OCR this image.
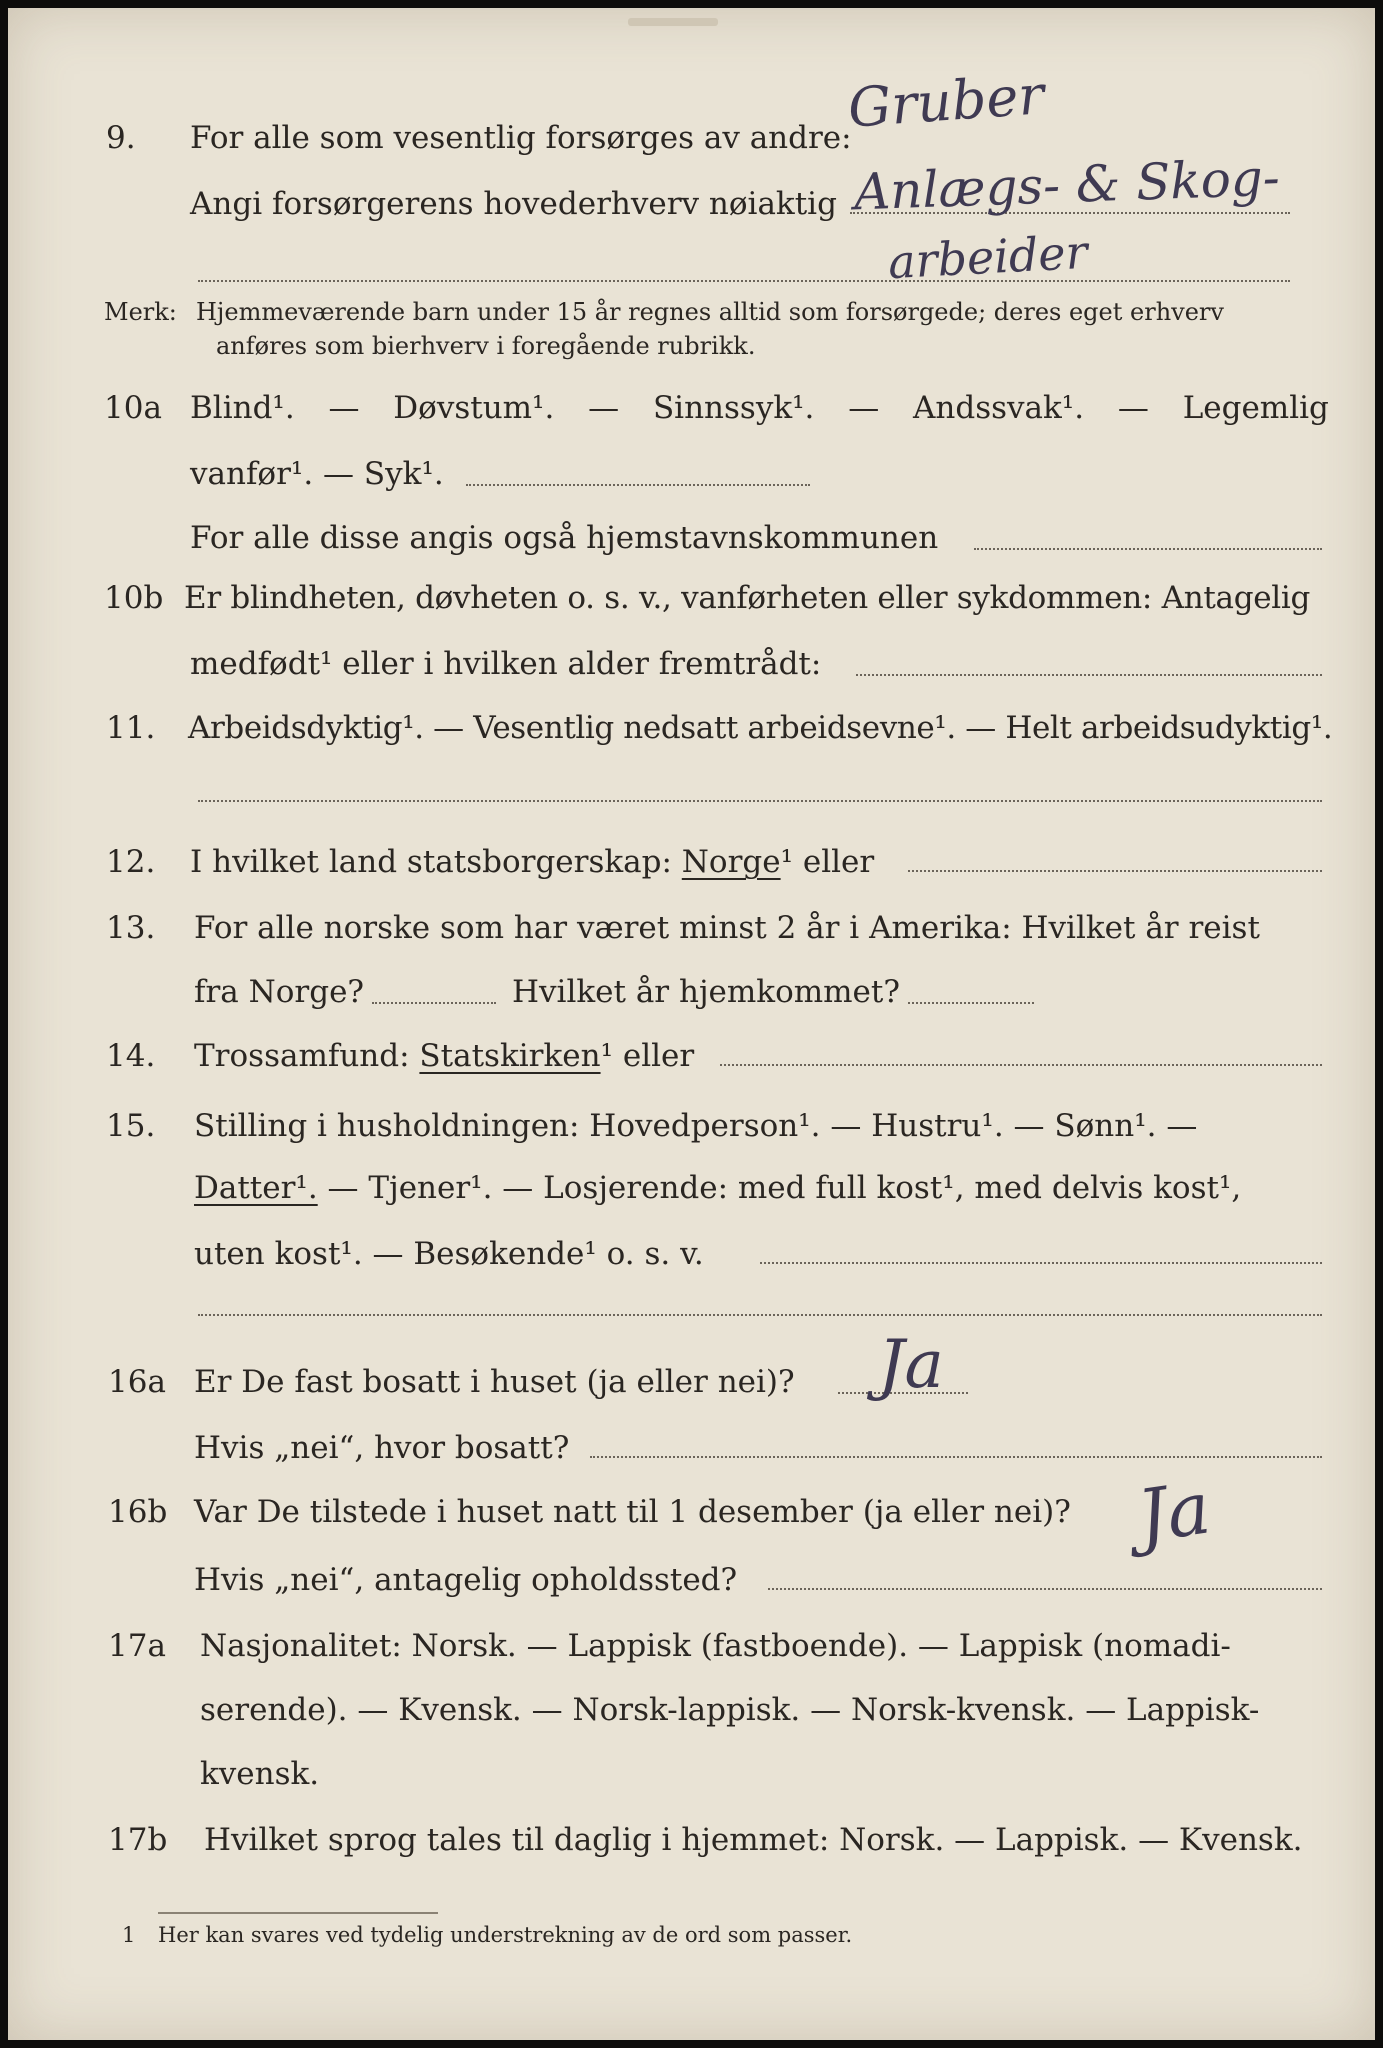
9. For alle som vesentlig forsørges av andre:
Gruber
Angi forsørgerens hovederhverv nøiaktig Anlægs- & Skog-
arbeider
Merk: Hjemmeværende barn under 15 år regnes alltid som forsørgede; deres eget erhverv
anføres som bierhverv i foregående rubrikk.
10a Blind¹. — Døvstum¹. — Sinnssyk¹. — Andssvak¹. — Legemlig
vanfør¹. — Syk¹.
For alle disse angis også hjemstavnskommunen
10b Er blindheten, døvheten o. s. v., vanførheten eller sykdommen: Antagelig
medfødt¹ eller i hvilken alder fremtrådt:
11. Arbeidsdyktig¹. — Vesentlig nedsatt arbeidsevne¹. — Helt arbeidsudyktig¹.
12. I hvilket land statsborgerskap: Norge¹ eller
13. For alle norske som har været minst 2 år i Amerika: Hvilket år reist
fra Norge?	Hvilket år hjemkommet?
14. Trossamfund: Statskirken¹ eller
15. Stilling i husholdningen: Hovedperson¹. — Hustru¹. — Sønn¹. —
Datter¹. — Tjener¹. — Losjerende: med full kost¹, med delvis kost¹,
uten kost¹. — Besøkende¹ o. s. v.
16a Er De fast bosatt i huset (ja eller nei)? Ja
Hvis „nei“, hvor bosatt?
16b Var De tilstede i huset natt til 1 desember (ja eller nei)? Ja
Hvis „nei“, antagelig opholdssted?
17a Nasjonalitet: Norsk. — Lappisk (fastboende). — Lappisk (nomadi-
serende). — Kvensk. — Norsk-lappisk. — Norsk-kvensk. — Lappisk-
kvensk.
17b Hvilket sprog tales til daglig i hjemmet: Norsk. — Lappisk. — Kvensk.
1 Her kan svares ved tydelig understrekning av de ord som passer.
